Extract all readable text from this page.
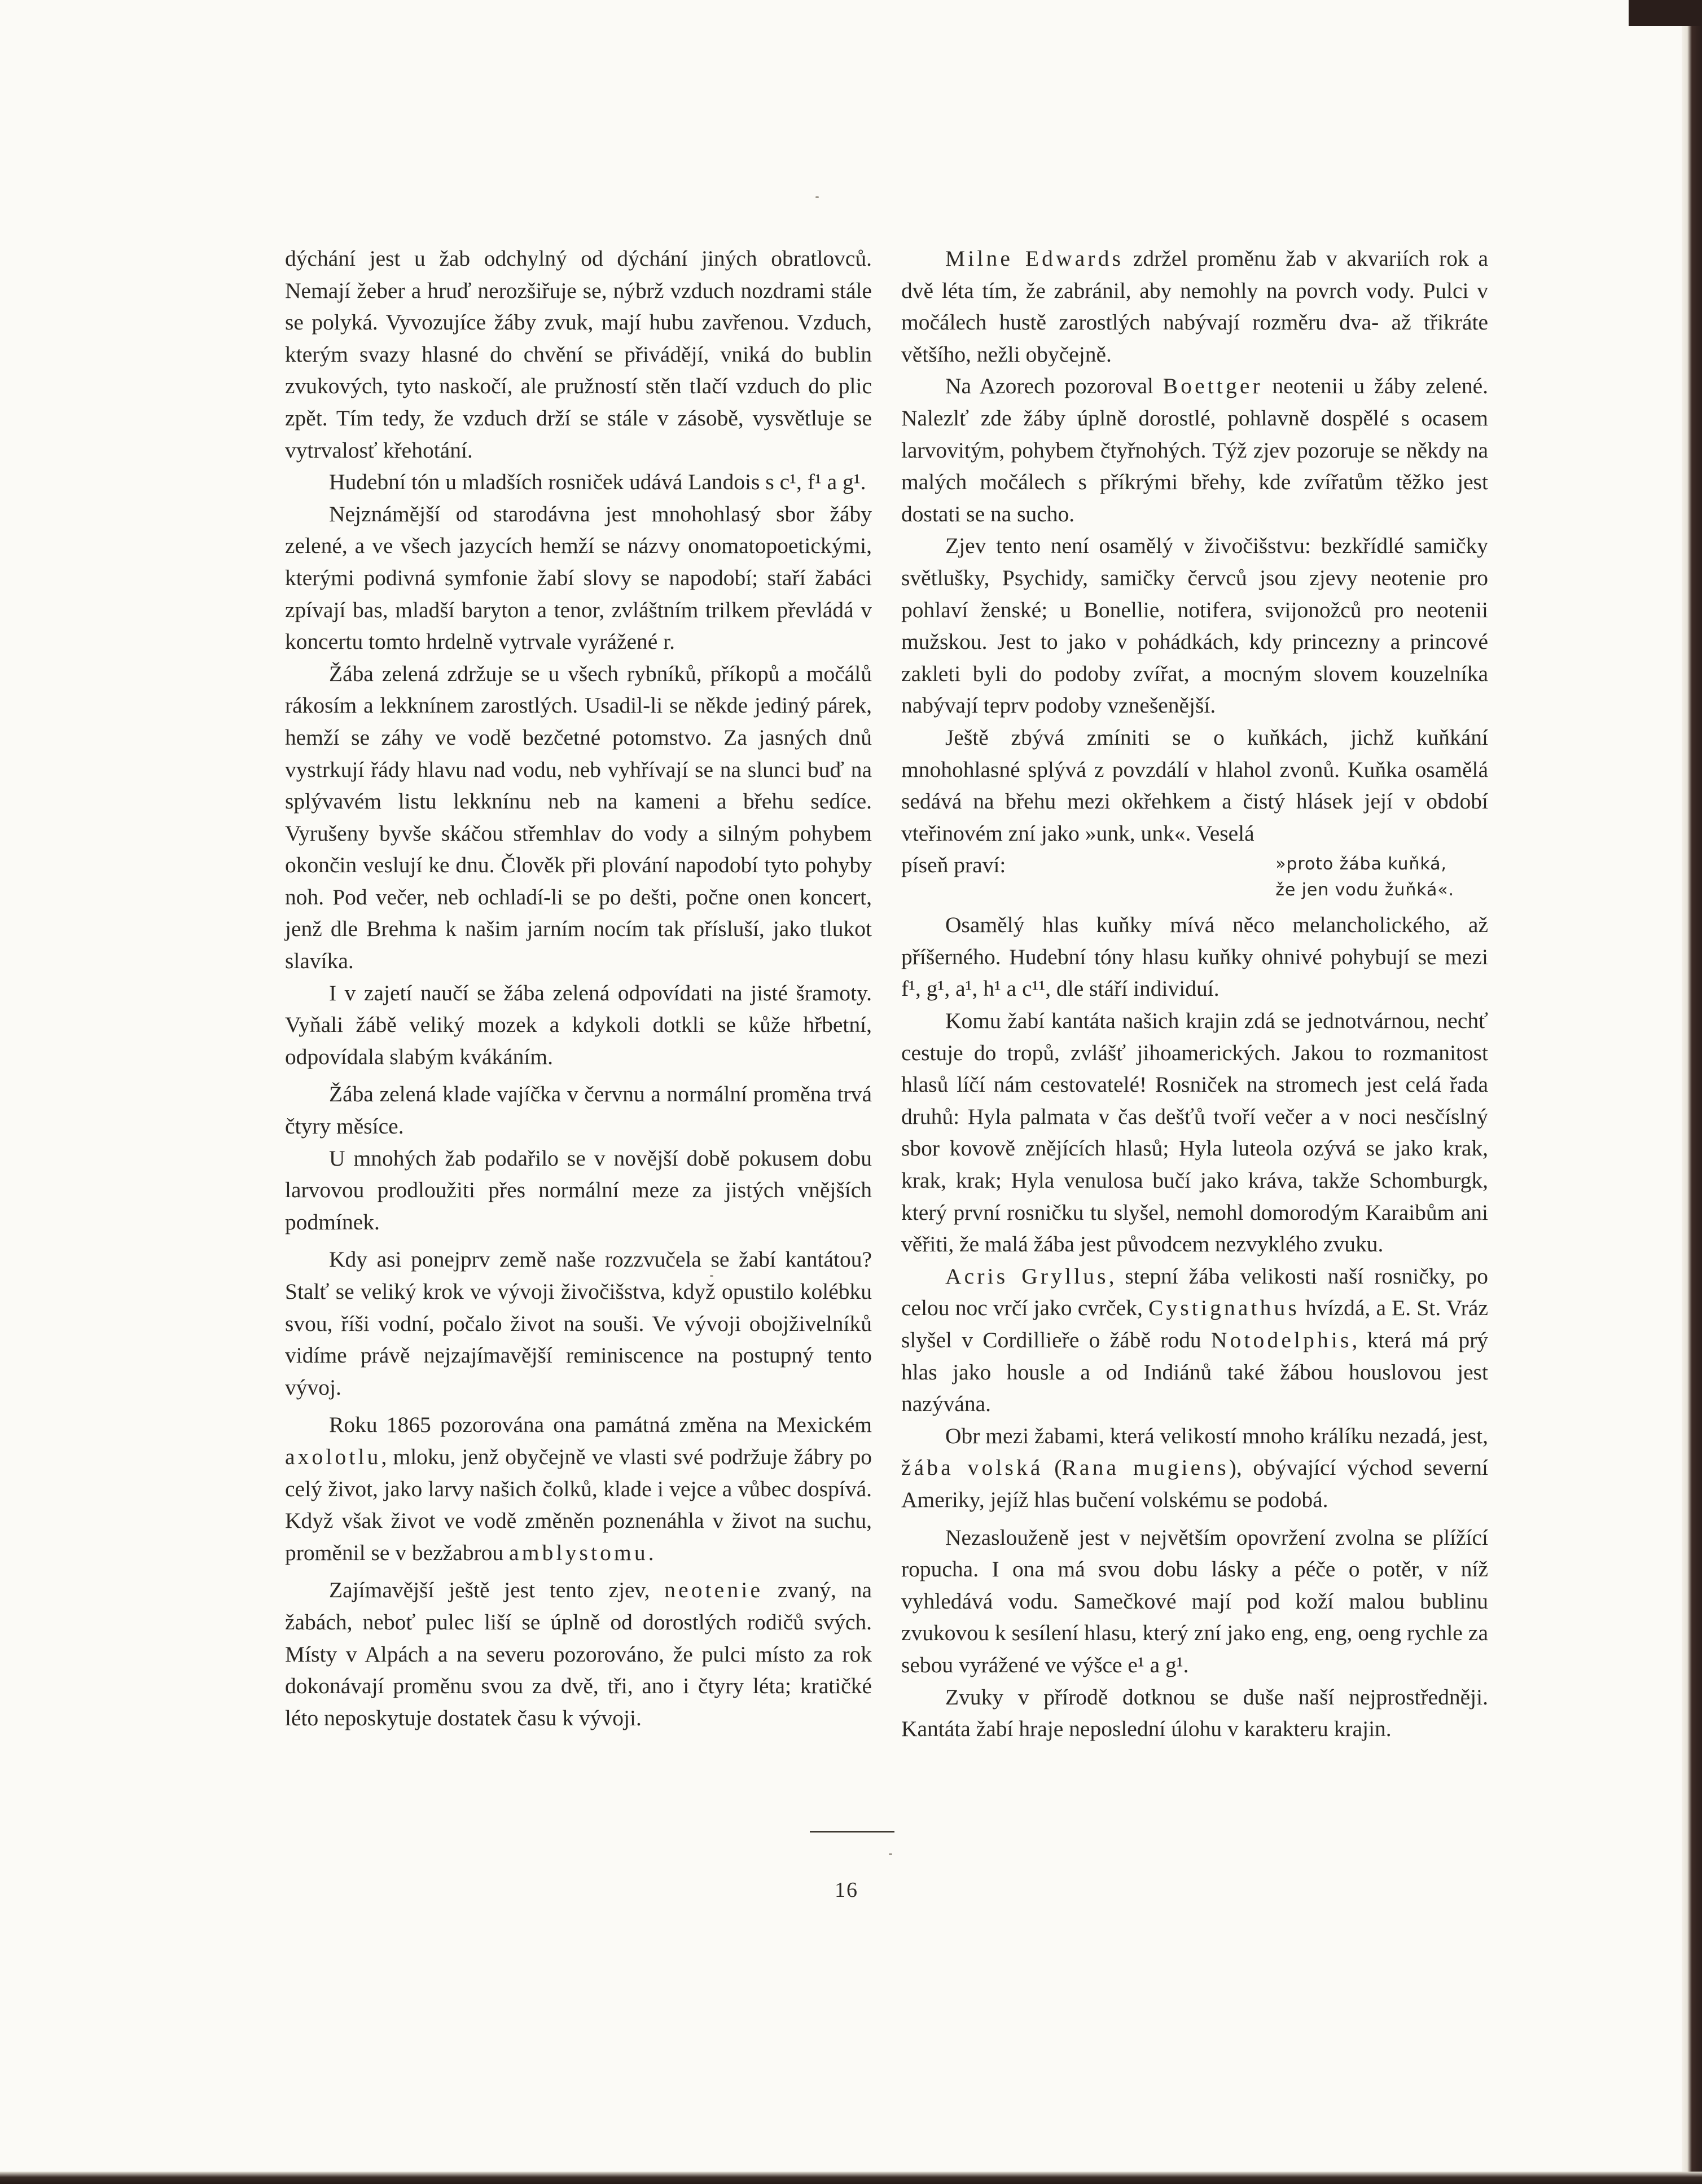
dýchání jest u žab odchylný od dýchání jiných obratlovců. Nemají žeber a hruď nerozšiřuje se, nýbrž vzduch nozdrami stále se polyká. Vyvozujíce žáby zvuk, mají hubu zavřenou. Vzduch, kterým svazy hlasné do chvění se přivádějí, vniká do bublin zvukových, tyto naskočí, ale pružností stěn tlačí vzduch do plic zpět. Tím tedy, že vzduch drží se stále v zásobě, vysvětluje se vytrvalosť křehotání.

Hudební tón u mladších rosniček udává Landois s c¹, f¹ a g¹.

Nejznámější od starodávna jest mnohohlasý sbor žáby zelené, a ve všech jazycích hemží se názvy onomatopoetickými, kterými podivná symfonie žabí slovy se napodobí; staří žabáci zpívají bas, mladší baryton a tenor, zvláštním trilkem převládá v koncertu tomto hrdelně vytrvale vyrážené r.

Žába zelená zdržuje se u všech rybníků, příkopů a močálů rákosím a lekknínem zarostlých. Usadil-li se někde jediný párek, hemží se záhy ve vodě bezčetné potomstvo. Za jasných dnů vystrkují řády hlavu nad vodu, neb vyhřívají se na slunci buď na splývavém listu lekknínu neb na kameni a břehu sedíce. Vyrušeny byvše skáčou střemhlav do vody a silným pohybem okončin veslují ke dnu. Člověk při plování napodobí tyto pohyby noh. Pod večer, neb ochladí-li se po dešti, počne onen koncert, jenž dle Brehma k našim jarním nocím tak přísluší, jako tlukot slavíka.

I v zajetí naučí se žába zelená odpovídati na jisté šramoty. Vyňali žábě veliký mozek a kdykoli dotkli se kůže hřbetní, odpovídala slabým kvákáním.

Žába zelená klade vajíčka v červnu a normální proměna trvá čtyry měsíce.

U mnohých žab podařilo se v novější době pokusem dobu larvovou prodloužiti přes normální meze za jistých vnějších podmínek.

Kdy asi ponejprv země naše rozzvučela se žabí kantátou? Stalť se veliký krok ve vývoji živočišstva, když opustilo kolébku svou, říši vodní, počalo život na souši. Ve vývoji obojživelníků vidíme právě nejzajímavější reminiscence na postupný tento vývoj.

Roku 1865 pozorována ona památná změna na Mexickém axolotlu, mloku, jenž obyčejně ve vlasti své podržuje žábry po celý život, jako larvy našich čolků, klade i vejce a vůbec dospívá. Když však život ve vodě změněn poznenáhla v život na suchu, proměnil se v bezžabrou amblystomu.

Zajímavější ještě jest tento zjev, neotenie zvaný, na žabách, neboť pulec liší se úplně od dorostlých rodičů svých. Místy v Alpách a na severu pozorováno, že pulci místo za rok dokonávají proměnu svou za dvě, tři, ano i čtyry léta; kratičké léto neposkytuje dostatek času k vývoji.

Milne Edwards zdržel proměnu žab v akvariích rok a dvě léta tím, že zabránil, aby nemohly na povrch vody. Pulci v močálech hustě zarostlých nabývají rozměru dva- až třikráte většího, nežli obyčejně.

Na Azorech pozoroval Boettger neotenii u žáby zelené. Nalezlť zde žáby úplně dorostlé, pohlavně dospělé s ocasem larvovitým, pohybem čtyřnohých. Týž zjev pozoruje se někdy na malých močálech s příkrými břehy, kde zvířatům těžko jest dostati se na sucho.

Zjev tento není osamělý v živočišstvu: bezkřídlé samičky světlušky, Psychidy, samičky červců jsou zjevy neotenie pro pohlaví ženské; u Bonellie, notifera, svijonožců pro neotenii mužskou. Jest to jako v pohádkách, kdy princezny a princové zakleti byli do podoby zvířat, a mocným slovem kouzelníka nabývají teprv podoby vznešenější.

Ještě zbývá zmíniti se o kuňkách, jichž kuňkání mnohohlasné splývá z povzdálí v hlahol zvonů. Kuňka osamělá sedává na břehu mezi okřehkem a čistý hlásek její v období vteřinovém zní jako »unk, unk«. Veselá

píseň praví:	»proto žába kuňká,
že jen vodu žuňká«.

Osamělý hlas kuňky mívá něco melancholického, až příšerného. Hudební tóny hlasu kuňky ohnivé pohybují se mezi f¹, g¹, a¹, h¹ a c¹¹, dle stáří individuí.

Komu žabí kantáta našich krajin zdá se jednotvárnou, nechť cestuje do tropů, zvlášť jihoamerických. Jakou to rozmanitost hlasů líčí nám cestovatelé! Rosniček na stromech jest celá řada druhů: Hyla palmata v čas dešťů tvoří večer a v noci nesčíslný sbor kovově znějících hlasů; Hyla luteola ozývá se jako krak, krak, krak; Hyla venulosa bučí jako kráva, takže Schomburgk, který první rosničku tu slyšel, nemohl domorodým Karaibům ani věřiti, že malá žába jest původcem nezvyklého zvuku.

Acris Gryllus, stepní žába velikosti naší rosničky, po celou noc vrčí jako cvrček, Cystignathus hvízdá, a E. St. Vráz slyšel v Cordillieře o žábě rodu Notodelphis, která má prý hlas jako housle a od Indiánů také žábou houslovou jest nazývána.

Obr mezi žabami, která velikostí mnoho králíku nezadá, jest, žába volská (Rana mugiens), obývající východ severní Ameriky, jejíž hlas bučení volskému se podobá.

Nezaslouženě jest v největším opovržení zvolna se plížící ropucha. I ona má svou dobu lásky a péče o potěr, v níž vyhledává vodu. Samečkové mají pod koží malou bublinu zvukovou k sesílení hlasu, který zní jako eng, eng, oeng rychle za sebou vyrážené ve výšce e¹ a g¹.

Zvuky v přírodě dotknou se duše naší nejprostředněji. Kantáta žabí hraje neposlední úlohu v karakteru krajin.

16
